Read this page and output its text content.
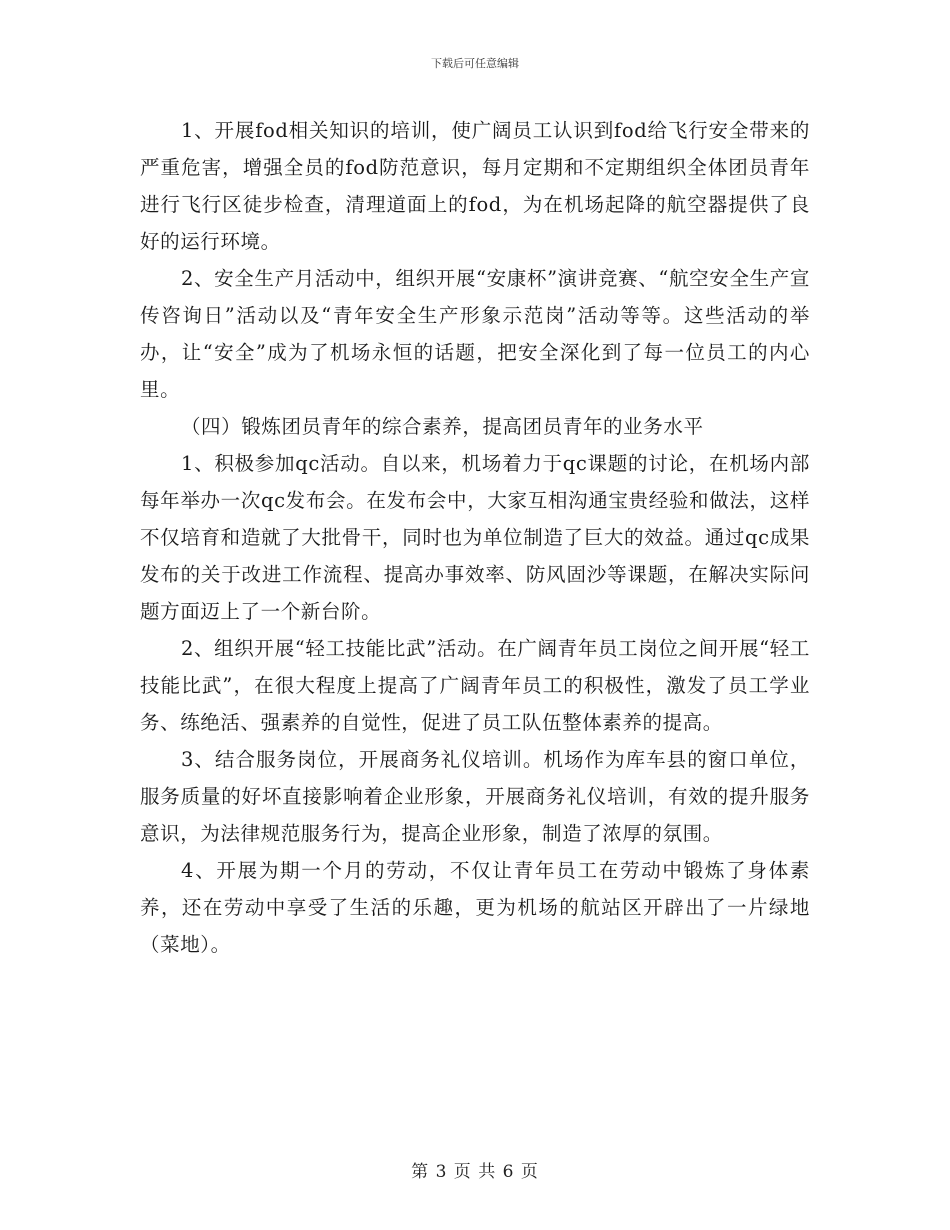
下载后可任意编辑

1、开展fod相关知识的培训，使广阔员工认识到fod给飞行安全带来的严重危害，增强全员的fod防范意识，每月定期和不定期组织全体团员青年进行飞行区徒步检查，清理道面上的fod，为在机场起降的航空器提供了良好的运行环境。

2、安全生产月活动中，组织开展“安康杯”演讲竞赛、“航空安全生产宣传咨询日”活动以及“青年安全生产形象示范岗”活动等等。这些活动的举办，让“安全”成为了机场永恒的话题，把安全深化到了每一位员工的内心里。

（四）锻炼团员青年的综合素养，提高团员青年的业务水平

1、积极参加qc活动。自以来，机场着力于qc课题的讨论，在机场内部每年举办一次qc发布会。在发布会中，大家互相沟通宝贵经验和做法，这样不仅培育和造就了大批骨干，同时也为单位制造了巨大的效益。通过qc成果发布的关于改进工作流程、提高办事效率、防风固沙等课题，在解决实际问题方面迈上了一个新台阶。

2、组织开展“轻工技能比武”活动。在广阔青年员工岗位之间开展“轻工技能比武”，在很大程度上提高了广阔青年员工的积极性，激发了员工学业务、练绝活、强素养的自觉性，促进了员工队伍整体素养的提高。

3、结合服务岗位，开展商务礼仪培训。机场作为库车县的窗口单位，服务质量的好坏直接影响着企业形象，开展商务礼仪培训，有效的提升服务意识，为法律规范服务行为，提高企业形象，制造了浓厚的氛围。

4、开展为期一个月的劳动，不仅让青年员工在劳动中锻炼了身体素养，还在劳动中享受了生活的乐趣，更为机场的航站区开辟出了一片绿地（菜地）。

第 3 页 共 6 页
